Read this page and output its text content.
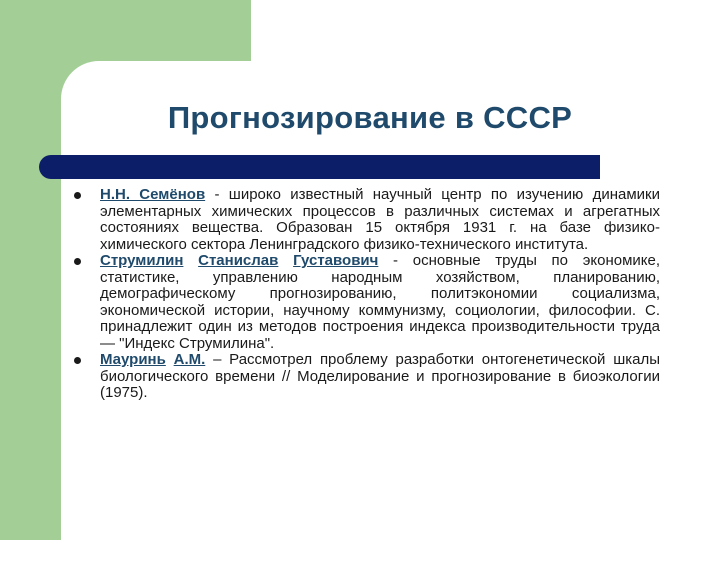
Прогнозирование в СССР

Н.Н. Семёнов - широко известный научный центр по изучению динамики элементарных химических процессов в различных системах и агрегатных состояниях вещества. Образован 15 октября 1931 г. на базе физико-химического сектора Ленинградского физико-технического института.

Струмилин Станислав Густавович - основные труды по экономике, статистике, управлению народным хозяйством, планированию, демографическому прогнозированию, политэкономии социализма, экономической истории, научному коммунизму, социологии, философии. С. принадлежит один из методов построения индекса производительности труда — "Индекс Струмилина".

Мауринь А.М. – Рассмотрел проблему разработки онтогенетической шкалы биологического времени // Моделирование и прогнозирование в биоэкологии (1975).
